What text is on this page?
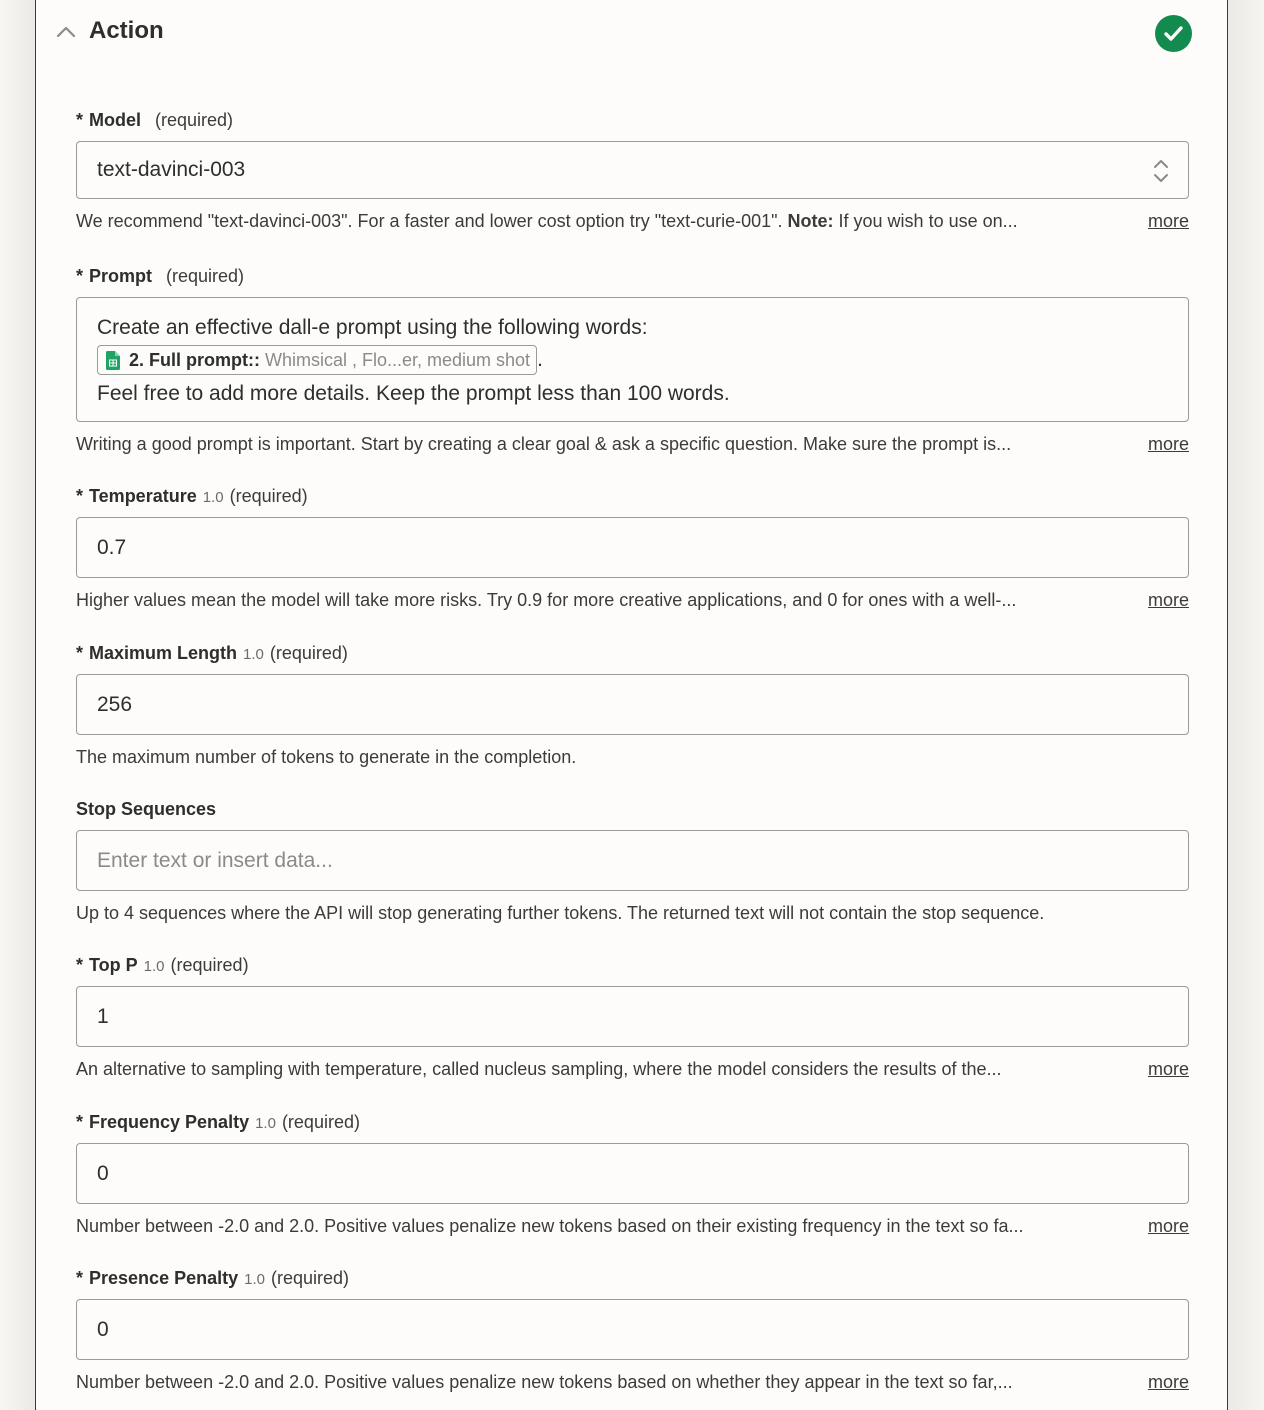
Action
* Model (required)
text-davinci-003
We recommend "text-davinci-003". For a faster and lower cost option try "text-curie-001". Note: If you wish to use on...	more
* Prompt (required)
Create an effective dall-e prompt using the following words:
2. Full prompt:: Whimsical , Flo...er, medium shot .
Feel free to add more details. Keep the prompt less than 100 words.
Writing a good prompt is important. Start by creating a clear goal & ask a specific question. Make sure the prompt is...	more
* Temperature 1.0 (required)
0.7
Higher values mean the model will take more risks. Try 0.9 for more creative applications, and 0 for ones with a well-...	more
* Maximum Length 1.0 (required)
256
The maximum number of tokens to generate in the completion.
Stop Sequences
Enter text or insert data...
Up to 4 sequences where the API will stop generating further tokens. The returned text will not contain the stop sequence.
* Top P 1.0 (required)
1
An alternative to sampling with temperature, called nucleus sampling, where the model considers the results of the...	more
* Frequency Penalty 1.0 (required)
0
Number between -2.0 and 2.0. Positive values penalize new tokens based on their existing frequency in the text so fa...	more
* Presence Penalty 1.0 (required)
0
Number between -2.0 and 2.0. Positive values penalize new tokens based on whether they appear in the text so far,...	more
